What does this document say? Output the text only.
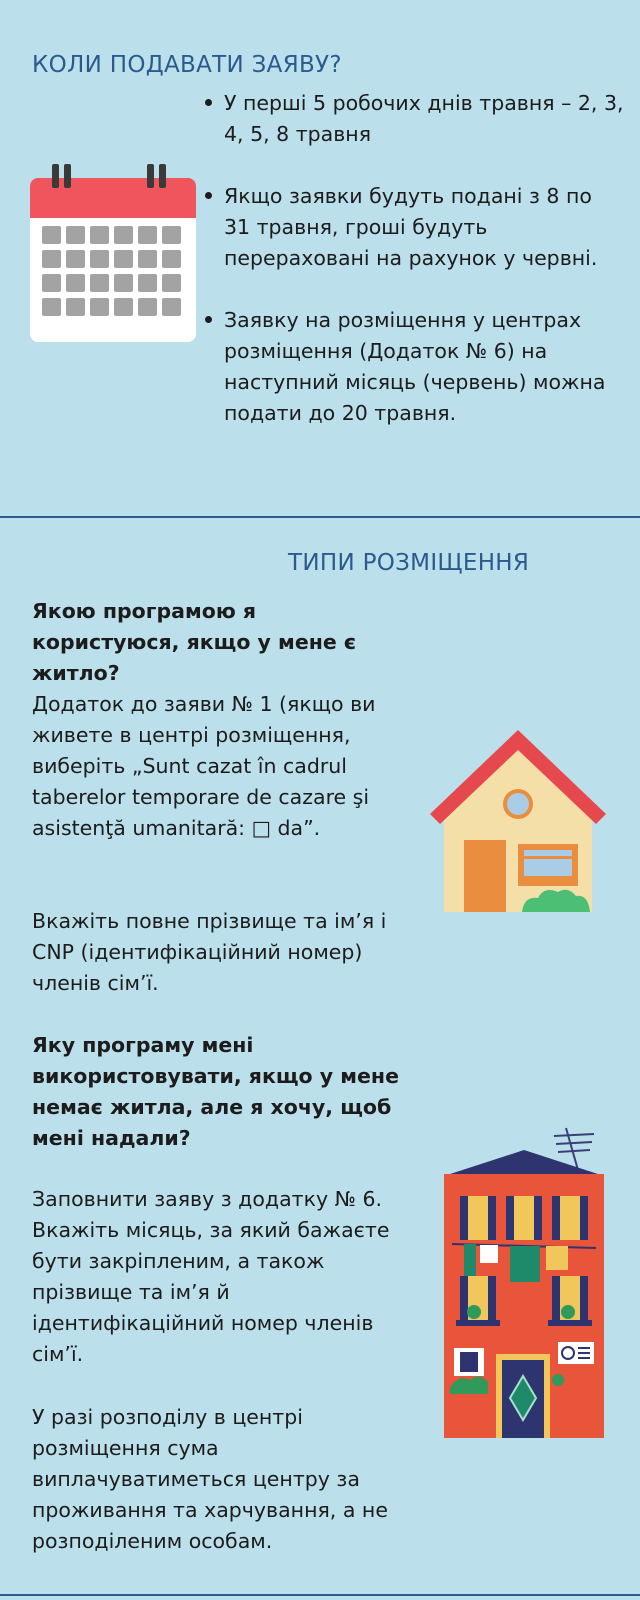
КОЛИ ПОДАВАТИ ЗАЯВУ?
У перші 5 робочих днів травня – 2, 3, 4, 5, 8 травня
Якщо заявки будуть подані з 8 по 31 травня, гроші будуть перераховані на рахунок у червні.
Заявку на розміщення у центрах розміщення (Додаток № 6) на наступний місяць (червень) можна подати до 20 травня.
ТИПИ РОЗМІЩЕННЯ

Якою програмою я користуюся, якщо у мене є житло?

Додаток до заяви № 1 (якщо ви живете в центрі розміщення, виберіть „Sunt cazat în cadrul taberelor temporare de cazare şi asistenţă umanitară: □ da”.

Вкажіть повне прізвище та ім’я і CNP (ідентифікаційний номер) членів сім’ї.

Яку програму мені використовувати, якщо у мене немає житла, але я хочу, щоб мені надали?

Заповнити заяву з додатку № 6. Вкажіть місяць, за який бажаєте бути закріпленим, а також прізвище та ім’я й ідентифікаційний номер членів сім’ї.

У разі розподілу в центрі розміщення сума виплачуватиметься центру за проживання та харчування, а не розподіленим особам.
